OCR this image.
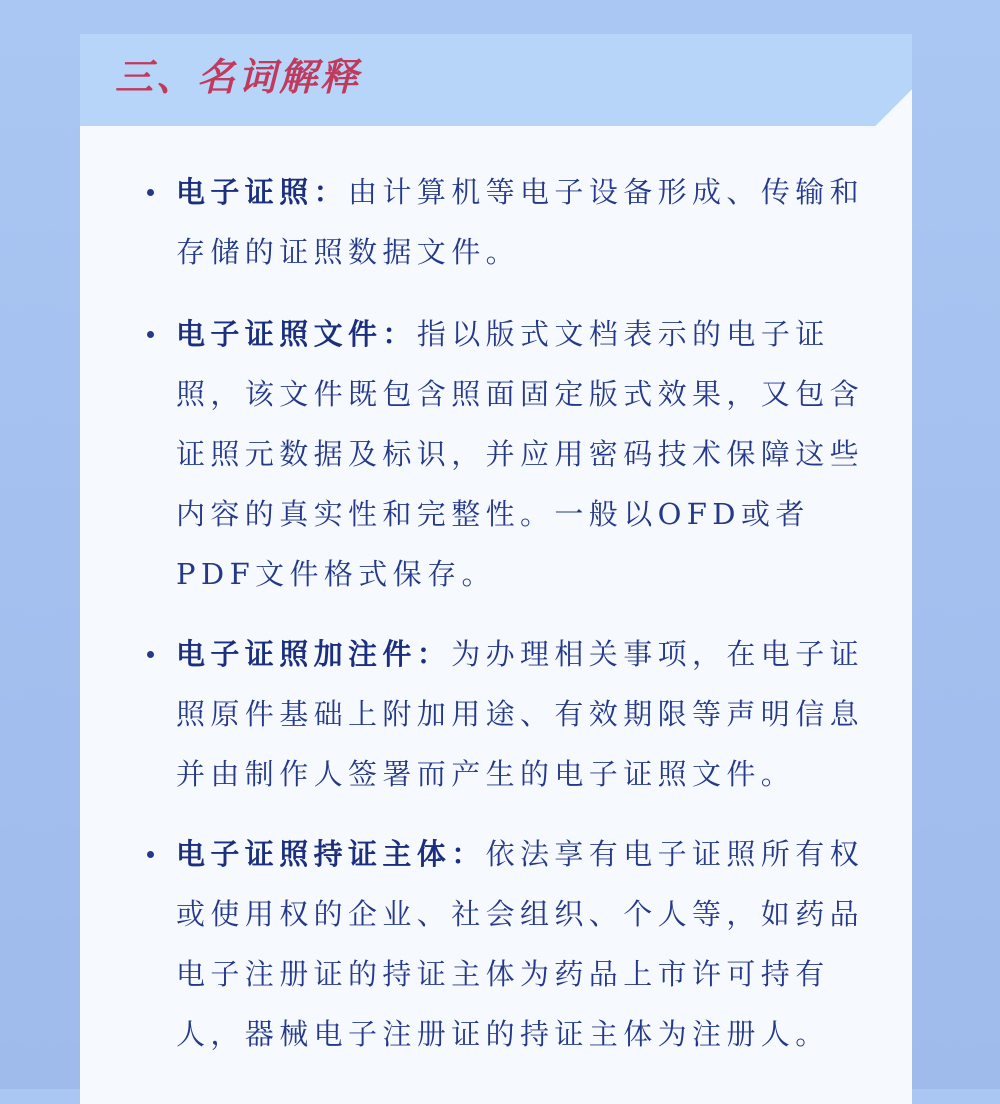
三、名词解释
电子证照：由计算机等电子设备形成、传输和存储的证照数据文件。
电子证照文件：指以版式文档表示的电子证照，该文件既包含照面固定版式效果，又包含证照元数据及标识，并应用密码技术保障这些内容的真实性和完整性。一般以OFD或者PDF文件格式保存。
电子证照加注件：为办理相关事项，在电子证照原件基础上附加用途、有效期限等声明信息并由制作人签署而产生的电子证照文件。
电子证照持证主体：依法享有电子证照所有权或使用权的企业、社会组织、个人等，如药品电子注册证的持证主体为药品上市许可持有人，器械电子注册证的持证主体为注册人。
